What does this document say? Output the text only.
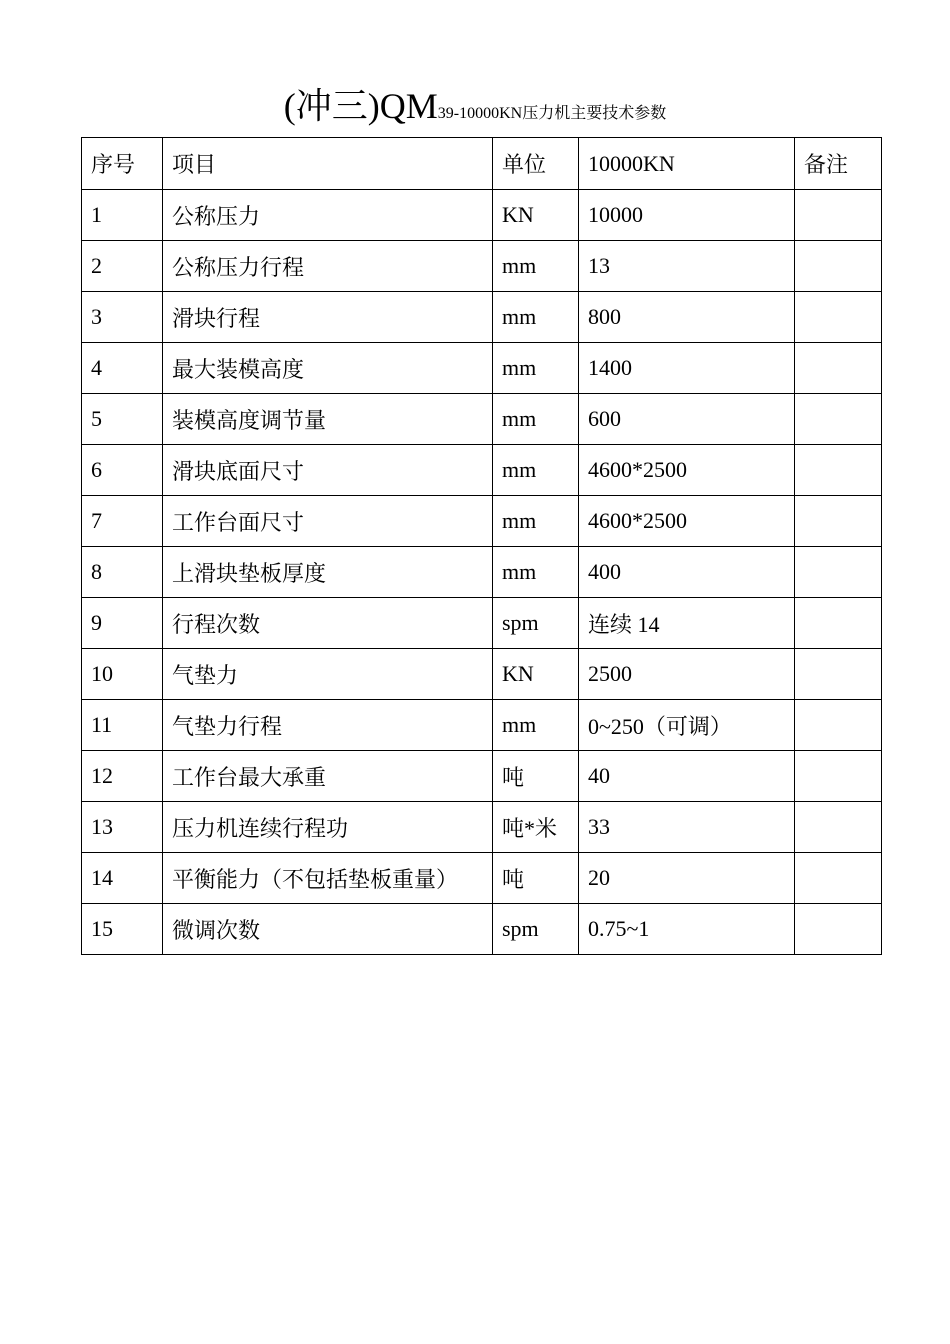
(冲三)QM39-10000KN压力机主要技术参数
序号	项目	单位	10000KN	备注
1	公称压力	KN	10000	
2	公称压力行程	mm	13	
3	滑块行程	mm	800	
4	最大装模高度	mm	1400	
5	装模高度调节量	mm	600	
6	滑块底面尺寸	mm	4600*2500	
7	工作台面尺寸	mm	4600*2500	
8	上滑块垫板厚度	mm	400	
9	行程次数	spm	连续 14	
10	气垫力	KN	2500	
11	气垫力行程	mm	0~250（可调）	
12	工作台最大承重	吨	40	
13	压力机连续行程功	吨*米	33	
14	平衡能力（不包括垫板重量）	吨	20	
15	微调次数	spm	0.75~1	
